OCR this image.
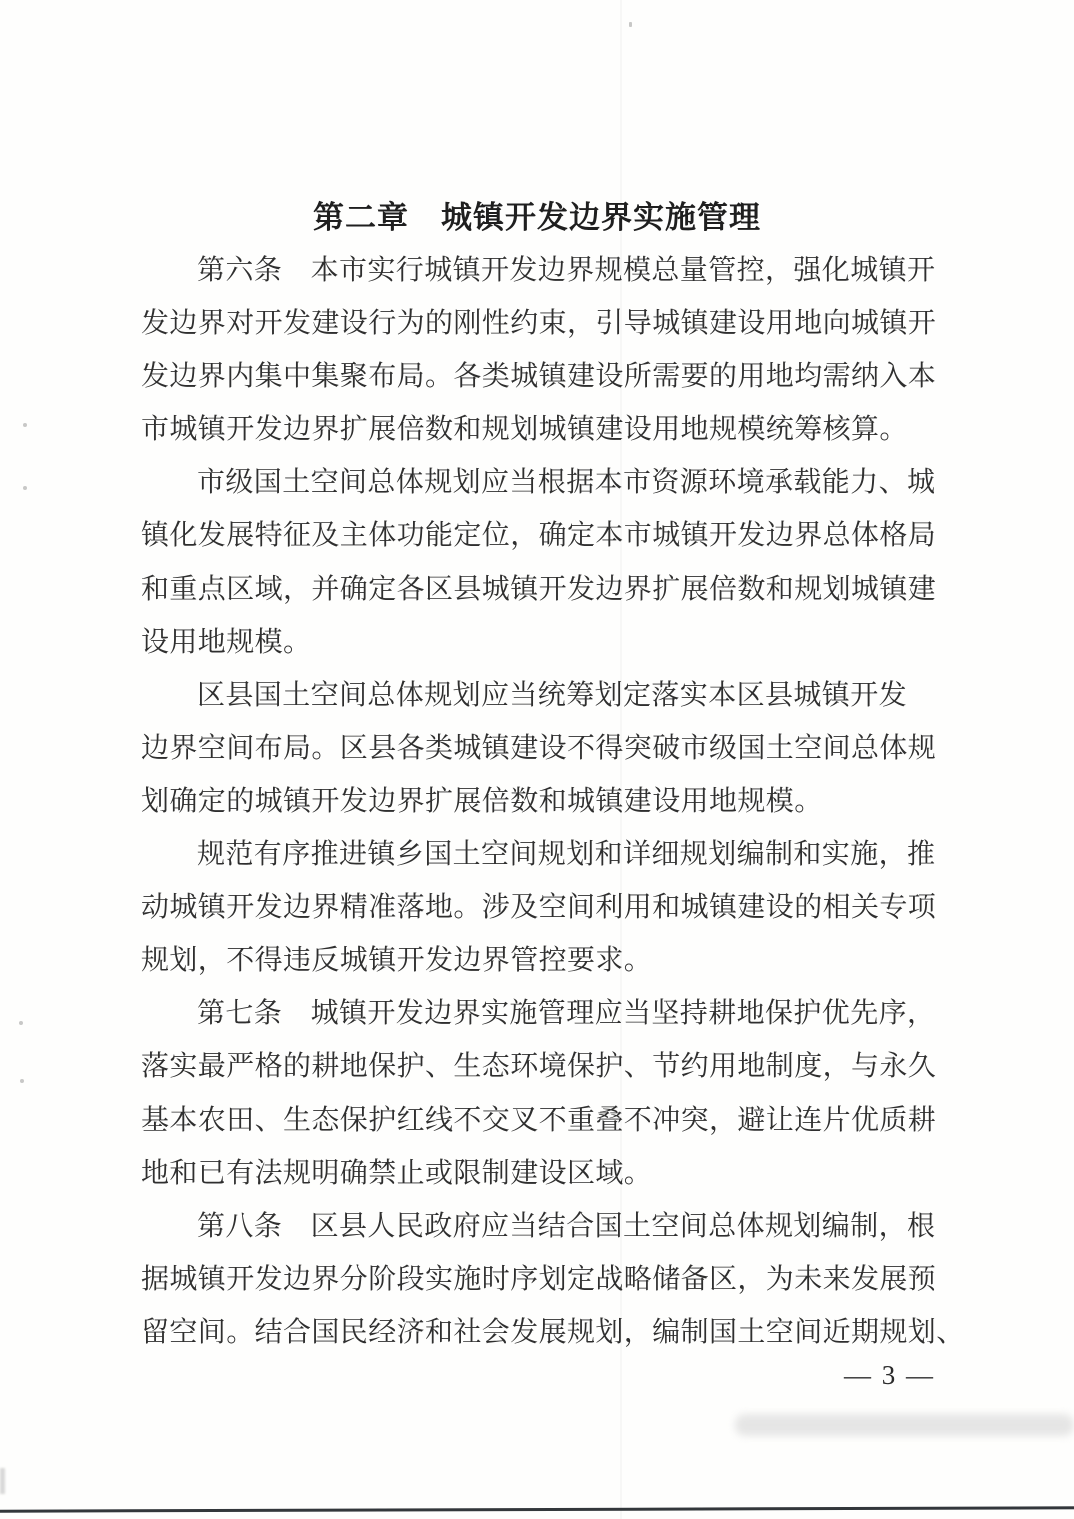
第二章　城镇开发边界实施管理
第六条　本市实行城镇开发边界规模总量管控，强化城镇开
发边界对开发建设行为的刚性约束，引导城镇建设用地向城镇开
发边界内集中集聚布局。各类城镇建设所需要的用地均需纳入本
市城镇开发边界扩展倍数和规划城镇建设用地规模统筹核算。
市级国土空间总体规划应当根据本市资源环境承载能力、城
镇化发展特征及主体功能定位，确定本市城镇开发边界总体格局
和重点区域，并确定各区县城镇开发边界扩展倍数和规划城镇建
设用地规模。
区县国土空间总体规划应当统筹划定落实本区县城镇开发
边界空间布局。区县各类城镇建设不得突破市级国土空间总体规
划确定的城镇开发边界扩展倍数和城镇建设用地规模。
规范有序推进镇乡国土空间规划和详细规划编制和实施，推
动城镇开发边界精准落地。涉及空间利用和城镇建设的相关专项
规划，不得违反城镇开发边界管控要求。
第七条　城镇开发边界实施管理应当坚持耕地保护优先序，
落实最严格的耕地保护、生态环境保护、节约用地制度，与永久
基本农田、生态保护红线不交叉不重叠不冲突，避让连片优质耕
地和已有法规明确禁止或限制建设区域。
第八条　区县人民政府应当结合国土空间总体规划编制，根
据城镇开发边界分阶段实施时序划定战略储备区，为未来发展预
留空间。结合国民经济和社会发展规划，编制国土空间近期规划、
— 3 —
